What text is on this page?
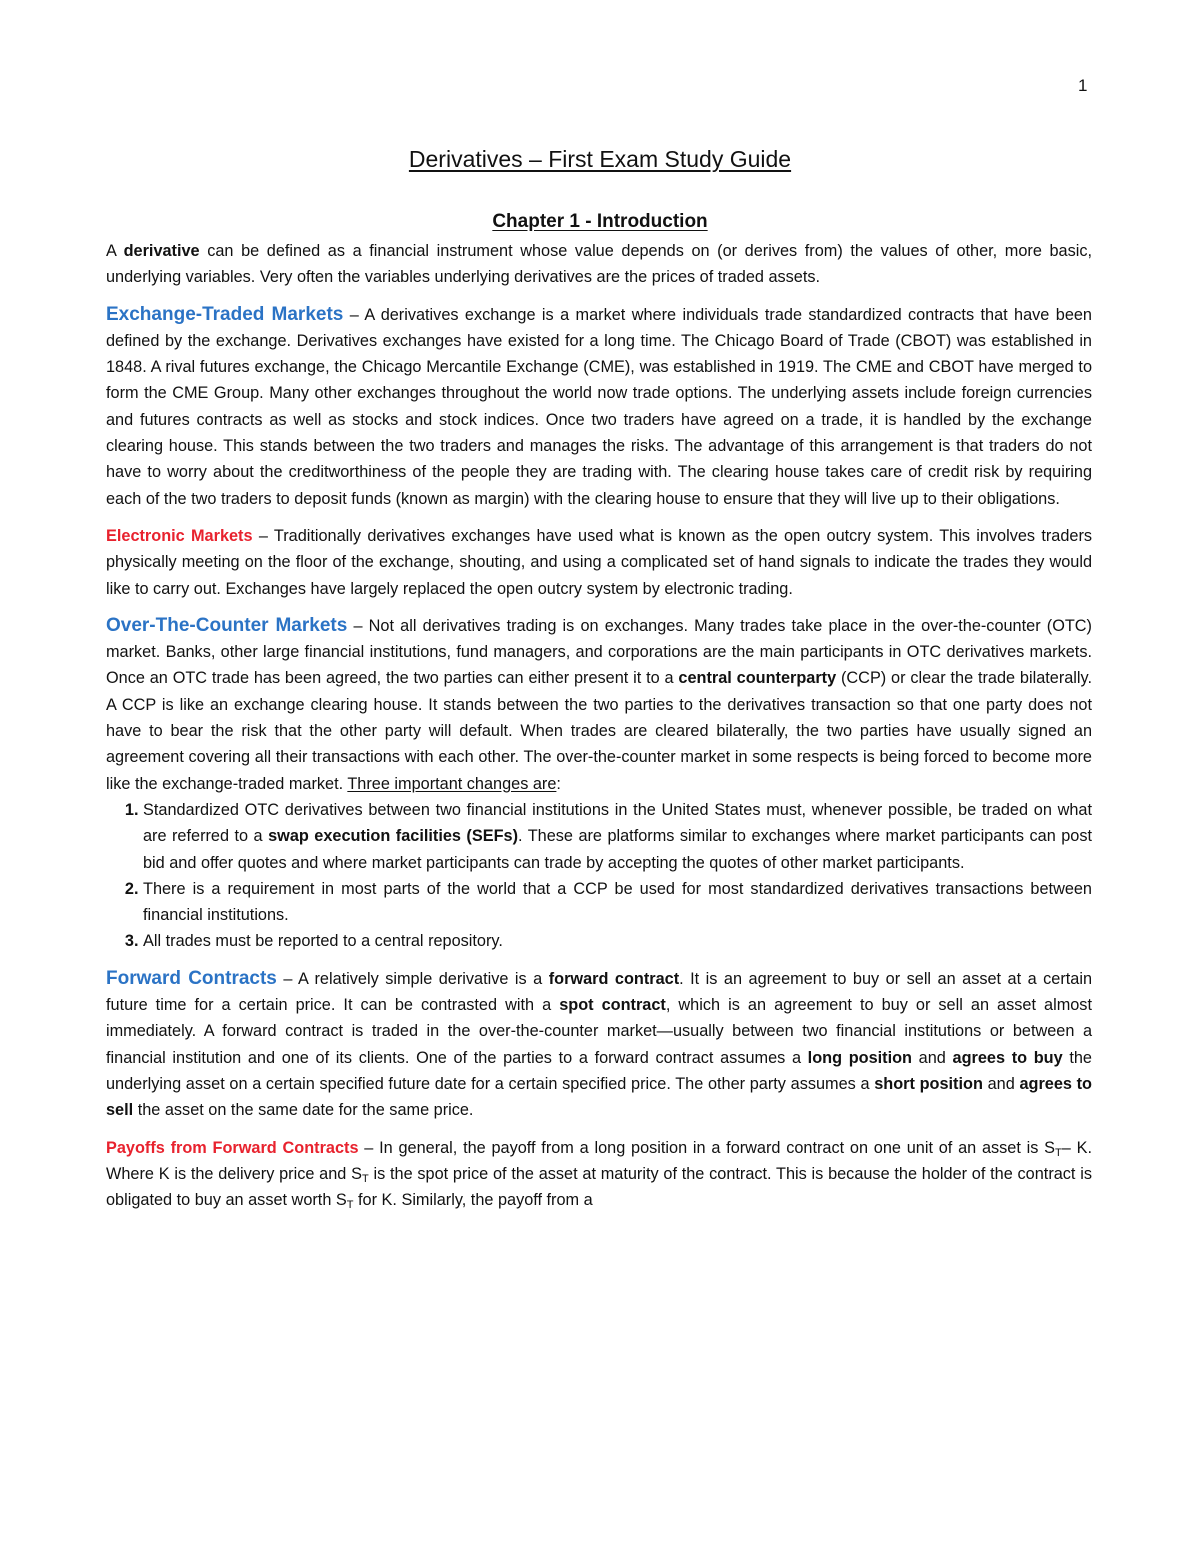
1
Derivatives – First Exam Study Guide
Chapter 1 - Introduction

A derivative can be defined as a financial instrument whose value depends on (or derives from) the values of other, more basic, underlying variables. Very often the variables underlying derivatives are the prices of traded assets.

Exchange-Traded Markets – A derivatives exchange is a market where individuals trade standardized contracts that have been defined by the exchange. Derivatives exchanges have existed for a long time. The Chicago Board of Trade (CBOT) was established in 1848. A rival futures exchange, the Chicago Mercantile Exchange (CME), was established in 1919. The CME and CBOT have merged to form the CME Group. Many other exchanges throughout the world now trade options. The underlying assets include foreign currencies and futures contracts as well as stocks and stock indices. Once two traders have agreed on a trade, it is handled by the exchange clearing house. This stands between the two traders and manages the risks. The advantage of this arrangement is that traders do not have to worry about the creditworthiness of the people they are trading with. The clearing house takes care of credit risk by requiring each of the two traders to deposit funds (known as margin) with the clearing house to ensure that they will live up to their obligations.

Electronic Markets – Traditionally derivatives exchanges have used what is known as the open outcry system. This involves traders physically meeting on the floor of the exchange, shouting, and using a complicated set of hand signals to indicate the trades they would like to carry out. Exchanges have largely replaced the open outcry system by electronic trading.

Over-The-Counter Markets – Not all derivatives trading is on exchanges. Many trades take place in the over-the-counter (OTC) market. Banks, other large financial institutions, fund managers, and corporations are the main participants in OTC derivatives markets. Once an OTC trade has been agreed, the two parties can either present it to a central counterparty (CCP) or clear the trade bilaterally. A CCP is like an exchange clearing house. It stands between the two parties to the derivatives transaction so that one party does not have to bear the risk that the other party will default. When trades are cleared bilaterally, the two parties have usually signed an agreement covering all their transactions with each other. The over-the-counter market in some respects is being forced to become more like the exchange-traded market. Three important changes are:

1. Standardized OTC derivatives between two financial institutions in the United States must, whenever possible, be traded on what are referred to a swap execution facilities (SEFs). These are platforms similar to exchanges where market participants can post bid and offer quotes and where market participants can trade by accepting the quotes of other market participants.
2. There is a requirement in most parts of the world that a CCP be used for most standardized derivatives transactions between financial institutions.
3. All trades must be reported to a central repository.

Forward Contracts – A relatively simple derivative is a forward contract. It is an agreement to buy or sell an asset at a certain future time for a certain price. It can be contrasted with a spot contract, which is an agreement to buy or sell an asset almost immediately. A forward contract is traded in the over-the-counter market—usually between two financial institutions or between a financial institution and one of its clients. One of the parties to a forward contract assumes a long position and agrees to buy the underlying asset on a certain specified future date for a certain specified price. The other party assumes a short position and agrees to sell the asset on the same date for the same price.

Payoffs from Forward Contracts – In general, the payoff from a long position in a forward contract on one unit of an asset is $S_T-$ K. Where K is the delivery price and $S_T$ is the spot price of the asset at maturity of the contract. This is because the holder of the contract is obligated to buy an asset worth $S_T$ for K. Similarly, the payoff from a
